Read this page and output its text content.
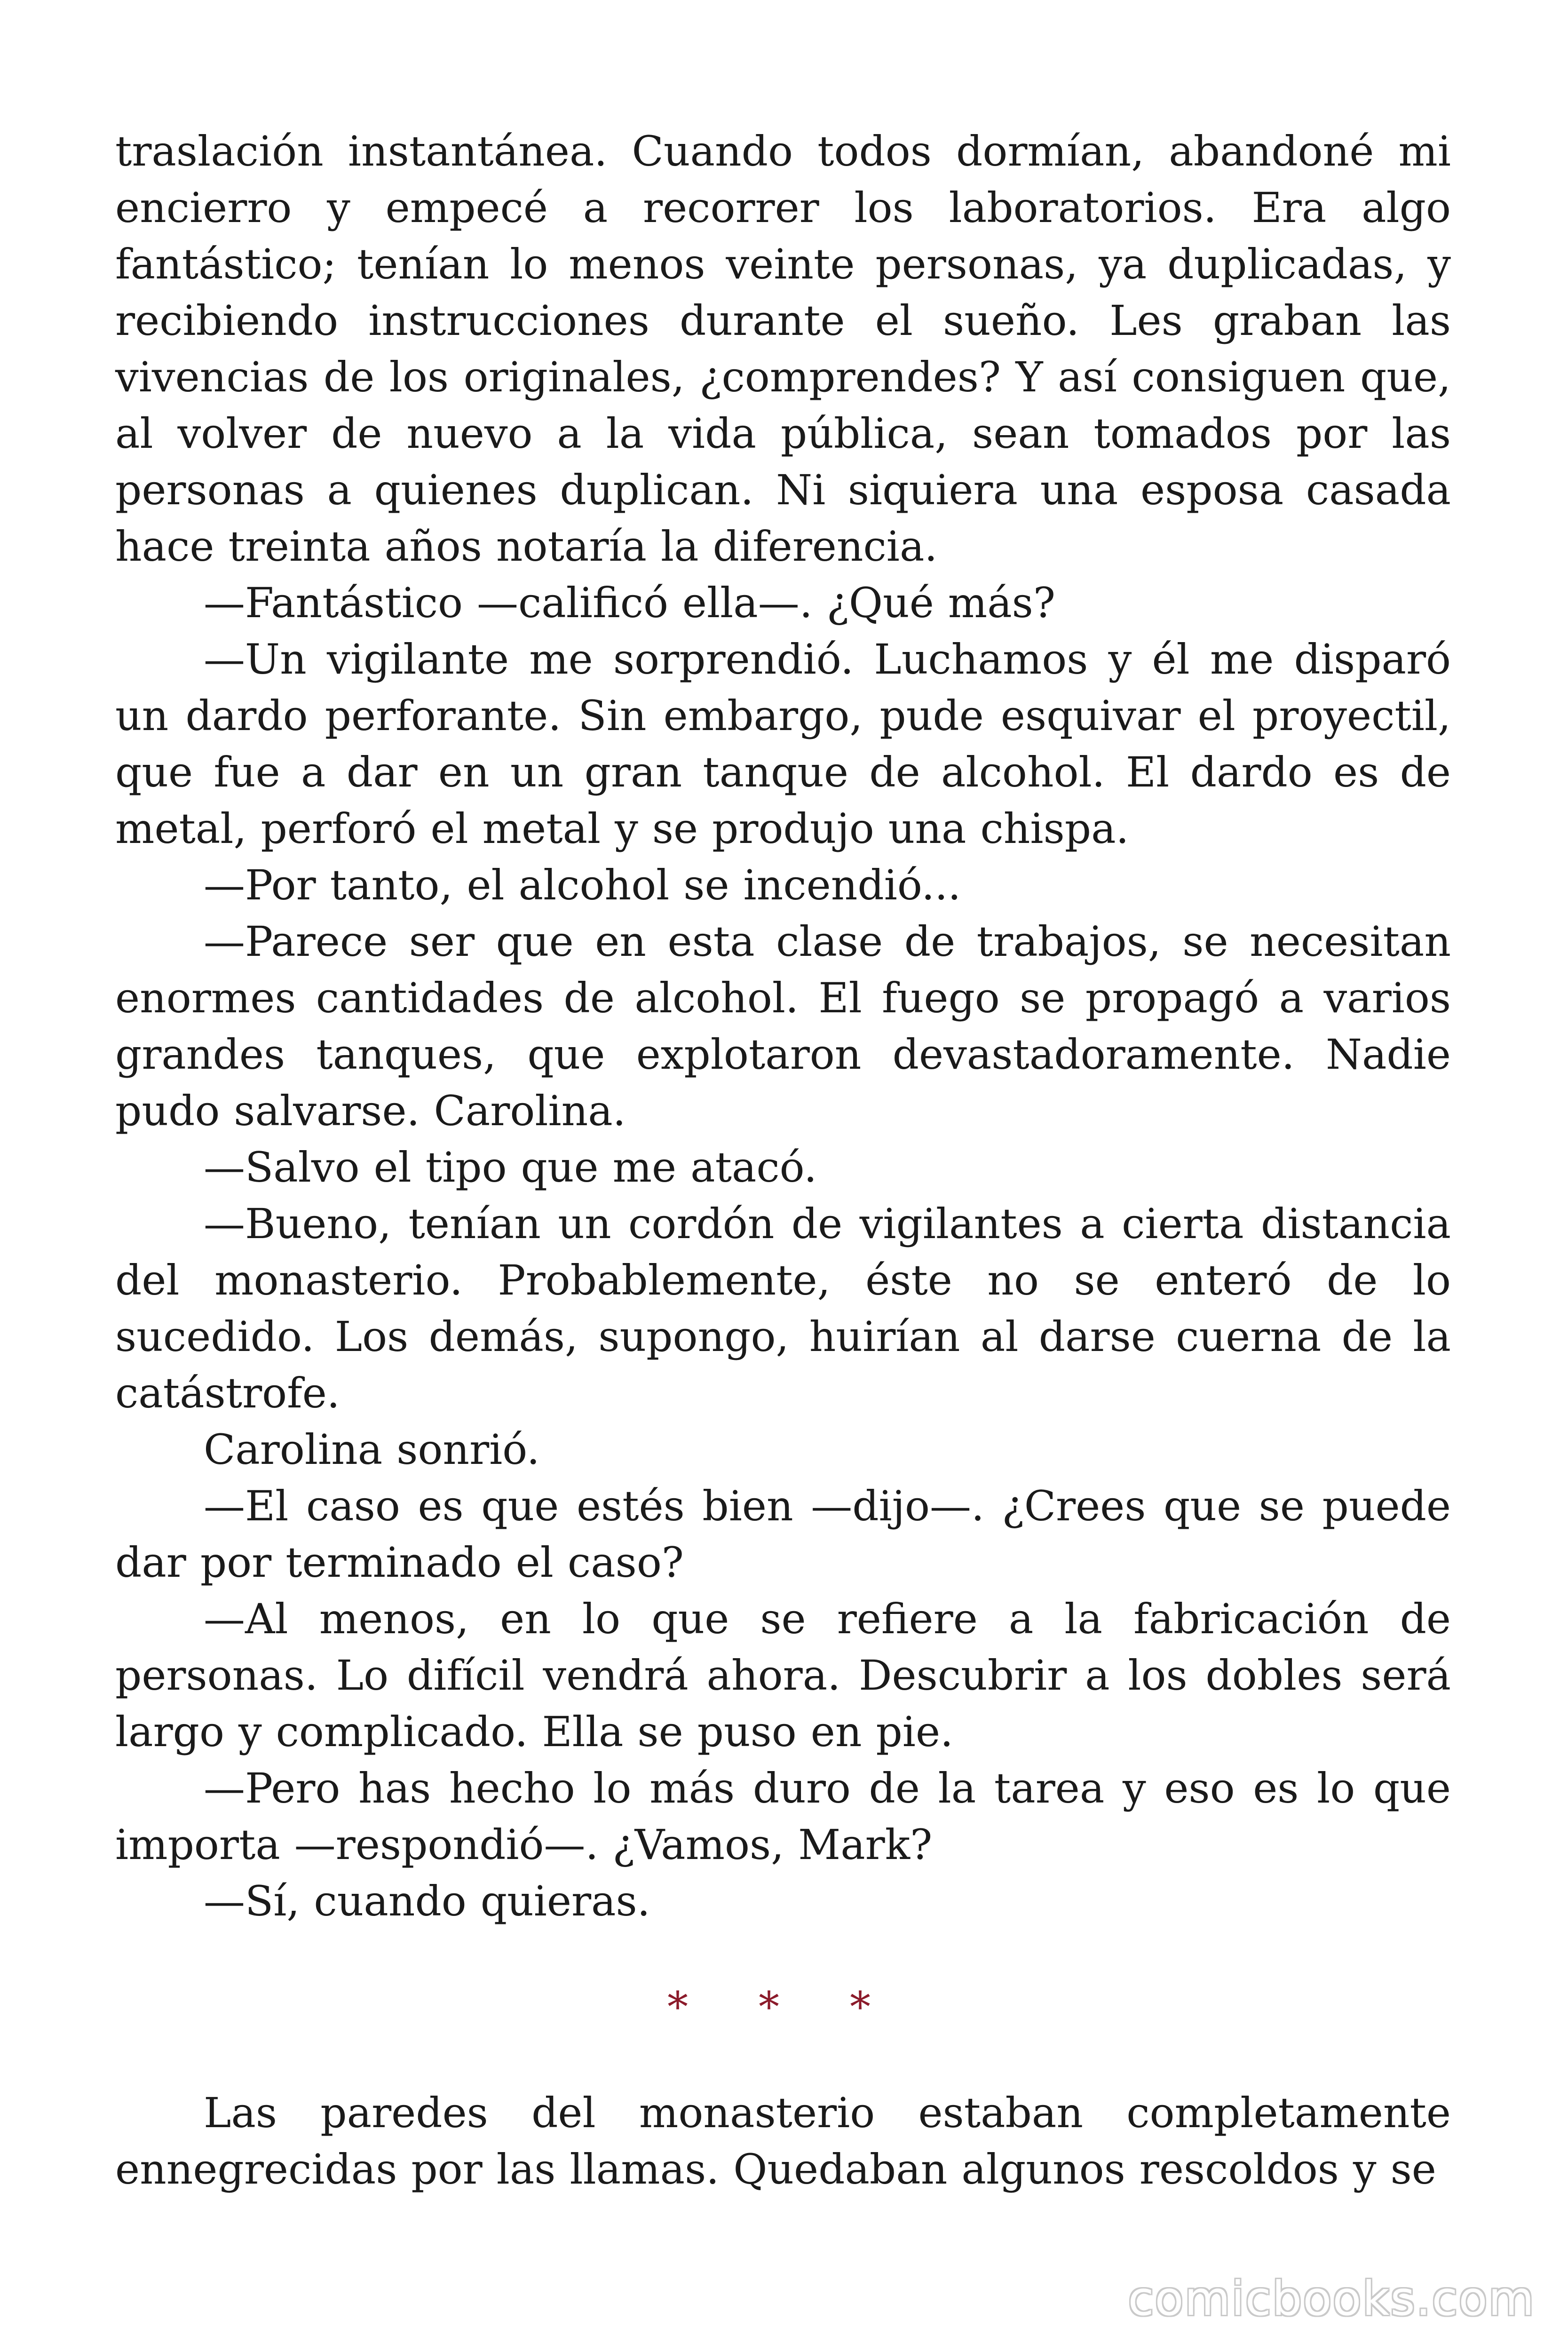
traslación instantánea. Cuando todos dormían, abandoné mi encierro y empecé a recorrer los laboratorios. Era algo fantástico; tenían lo menos veinte personas, ya duplicadas, y recibiendo instrucciones durante el sueño. Les graban las vivencias de los originales, ¿comprendes? Y así consiguen que, al volver de nuevo a la vida pública, sean tomados por las personas a quienes duplican. Ni siquiera una esposa casada hace treinta años notaría la diferencia.

—Fantástico —calificó ella—. ¿Qué más?

—Un vigilante me sorprendió. Luchamos y él me disparó un dardo perforante. Sin embargo, pude esquivar el proyectil, que fue a dar en un gran tanque de alcohol. El dardo es de metal, perforó el metal y se produjo una chispa.

—Por tanto, el alcohol se incendió...

—Parece ser que en esta clase de trabajos, se necesitan enormes cantidades de alcohol. El fuego se propagó a varios grandes tanques, que explotaron devastadoramente. Nadie pudo salvarse. Carolina.

—Salvo el tipo que me atacó.

—Bueno, tenían un cordón de vigilantes a cierta distancia del monasterio. Probablemente, éste no se enteró de lo sucedido. Los demás, supongo, huirían al darse cuerna de la catástrofe.

Carolina sonrió.

—El caso es que estés bien —dijo—. ¿Crees que se puede dar por terminado el caso?

—Al menos, en lo que se refiere a la fabricación de personas. Lo difícil vendrá ahora. Descubrir a los dobles será largo y complicado. Ella se puso en pie.

—Pero has hecho lo más duro de la tarea y eso es lo que importa —respondió—. ¿Vamos, Mark?

—Sí, cuando quieras.

* * *

Las paredes del monasterio estaban completamente ennegrecidas por las llamas. Quedaban algunos rescoldos y se

comicbooks.com
